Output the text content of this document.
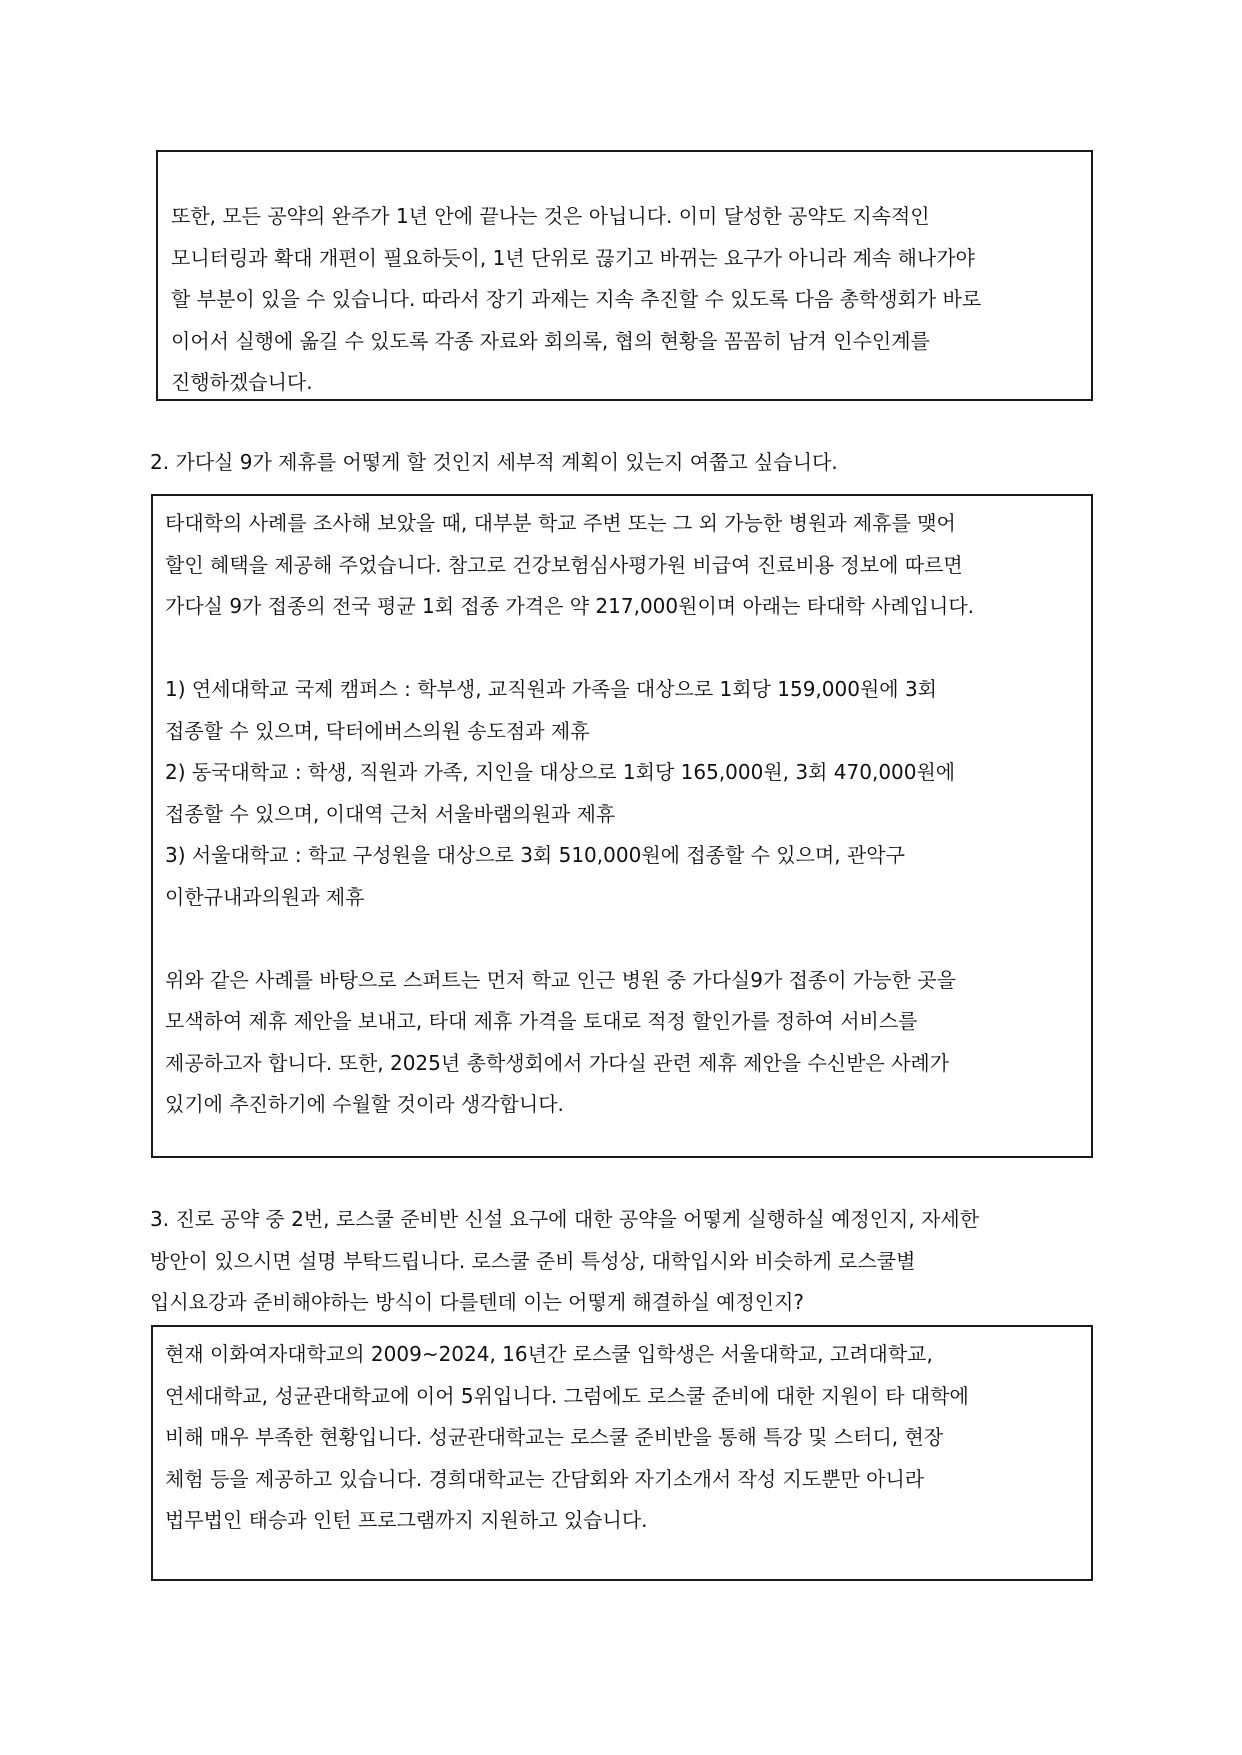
또한, 모든 공약의 완주가 1년 안에 끝나는 것은 아닙니다. 이미 달성한 공약도 지속적인

모니터링과 확대 개편이 필요하듯이, 1년 단위로 끊기고 바뀌는 요구가 아니라 계속 해나가야

할 부분이 있을 수 있습니다. 따라서 장기 과제는 지속 추진할 수 있도록 다음 총학생회가 바로

이어서 실행에 옮길 수 있도록 각종 자료와 회의록, 협의 현황을 꼼꼼히 남겨 인수인계를

진행하겠습니다.

2. 가다실 9가 제휴를 어떻게 할 것인지 세부적 계획이 있는지 여쭙고 싶습니다.

타대학의 사례를 조사해 보았을 때, 대부분 학교 주변 또는 그 외 가능한 병원과 제휴를 맺어

할인 혜택을 제공해 주었습니다. 참고로 건강보험심사평가원 비급여 진료비용 정보에 따르면

가다실 9가 접종의 전국 평균 1회 접종 가격은 약 217,000원이며 아래는 타대학 사례입니다.

1) 연세대학교 국제 캠퍼스 : 학부생, 교직원과 가족을 대상으로 1회당 159,000원에 3회

접종할 수 있으며, 닥터에버스의원 송도점과 제휴

2) 동국대학교 : 학생, 직원과 가족, 지인을 대상으로 1회당 165,000원, 3회 470,000원에

접종할 수 있으며, 이대역 근처 서울바램의원과 제휴

3) 서울대학교 : 학교 구성원을 대상으로 3회 510,000원에 접종할 수 있으며, 관악구

이한규내과의원과 제휴

위와 같은 사례를 바탕으로 스퍼트는 먼저 학교 인근 병원 중 가다실9가 접종이 가능한 곳을

모색하여 제휴 제안을 보내고, 타대 제휴 가격을 토대로 적정 할인가를 정하여 서비스를

제공하고자 합니다. 또한, 2025년 총학생회에서 가다실 관련 제휴 제안을 수신받은 사례가

있기에 추진하기에 수월할 것이라 생각합니다.

3. 진로 공약 중 2번, 로스쿨 준비반 신설 요구에 대한 공약을 어떻게 실행하실 예정인지, 자세한
방안이 있으시면 설명 부탁드립니다. 로스쿨 준비 특성상, 대학입시와 비슷하게 로스쿨별
입시요강과 준비해야하는 방식이 다를텐데 이는 어떻게 해결하실 예정인지?

현재 이화여자대학교의 2009~2024, 16년간 로스쿨 입학생은 서울대학교, 고려대학교,

연세대학교, 성균관대학교에 이어 5위입니다. 그럼에도 로스쿨 준비에 대한 지원이 타 대학에

비해 매우 부족한 현황입니다. 성균관대학교는 로스쿨 준비반을 통해 특강 및 스터디, 현장

체험 등을 제공하고 있습니다. 경희대학교는 간담회와 자기소개서 작성 지도뿐만 아니라

법무법인 태승과 인턴 프로그램까지 지원하고 있습니다.
